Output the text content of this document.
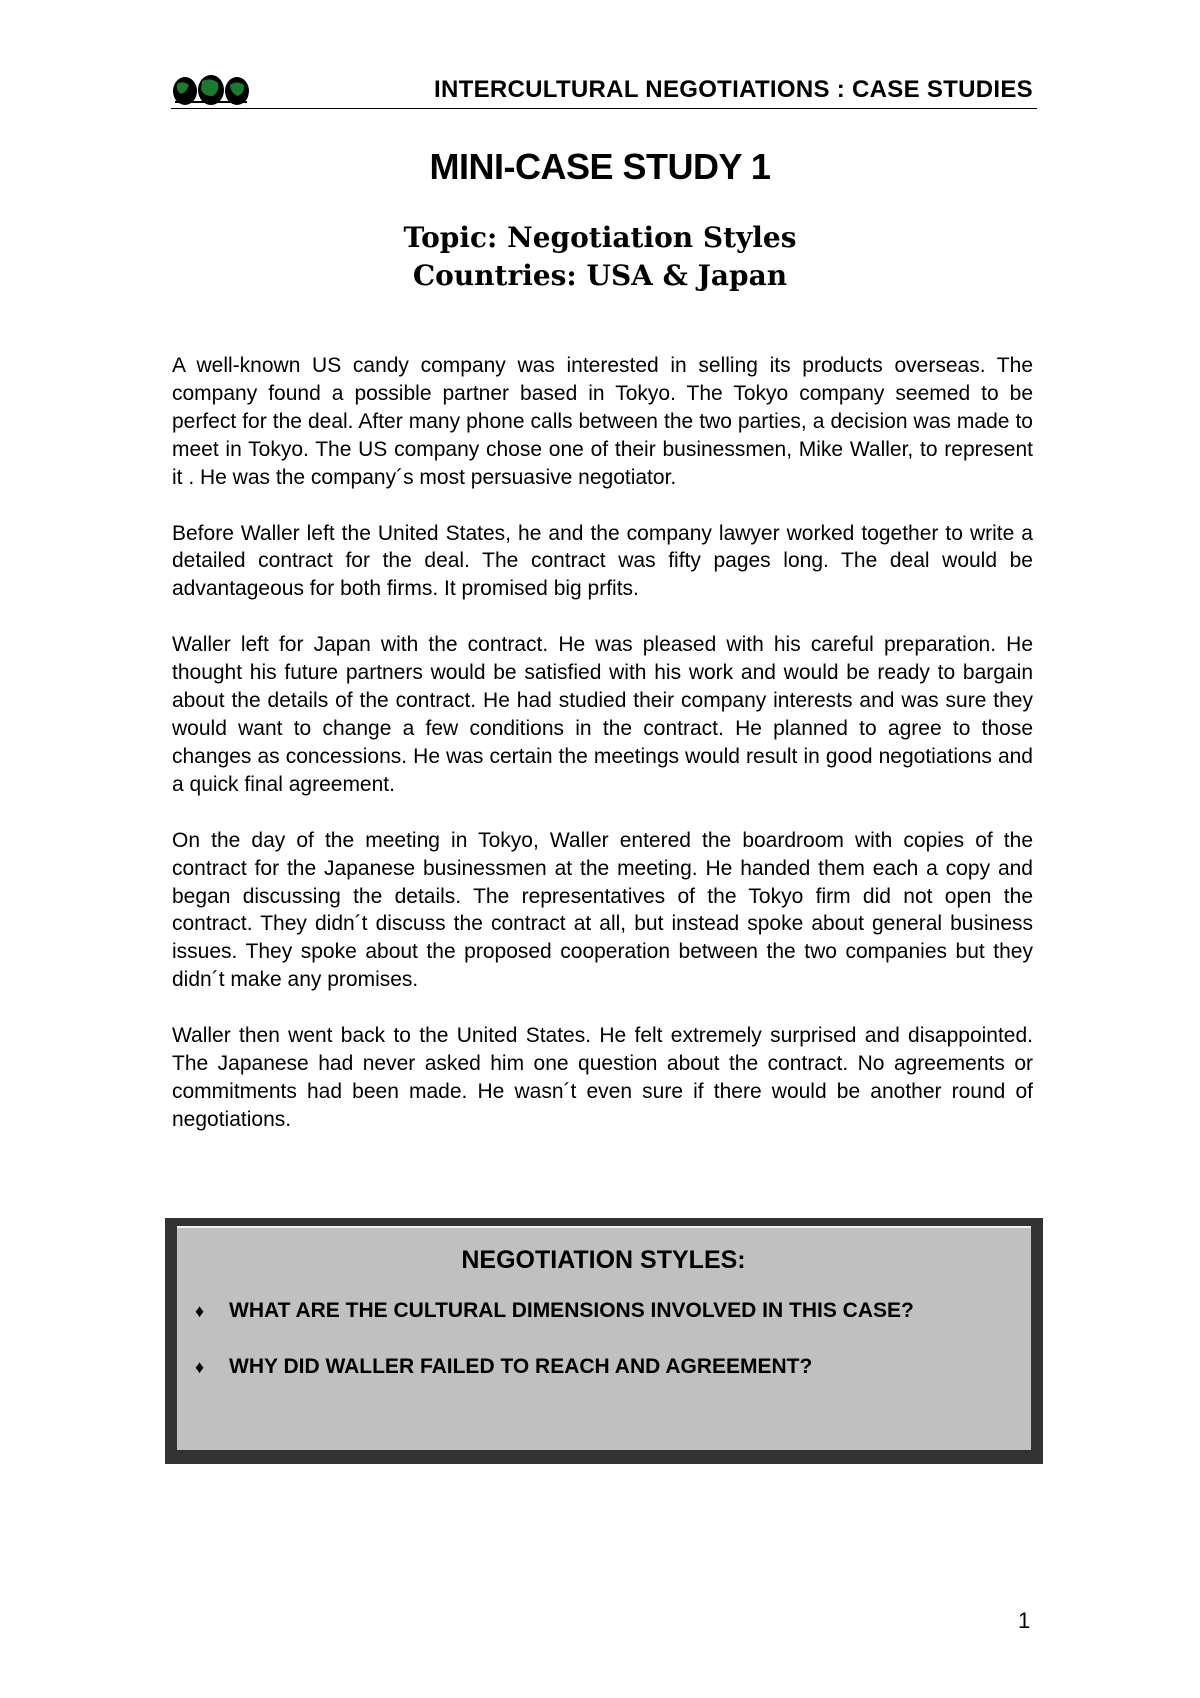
INTERCULTURAL NEGOTIATIONS : CASE STUDIES
MINI-CASE STUDY 1
Topic: Negotiation Styles
Countries: USA & Japan

A well-known US candy company was interested in selling its products overseas. The company found a possible partner based in Tokyo. The Tokyo company seemed to be perfect for the deal. After many phone calls between the two parties, a decision was made to meet in Tokyo. The US company chose one of their businessmen, Mike Waller, to represent it . He was the company´s most persuasive negotiator.

Before Waller left the United States, he and the company lawyer worked together to write a detailed contract for the deal. The contract was fifty pages long. The deal would be advantageous for both firms. It promised big prfits.

Waller left for Japan with the contract. He was pleased with his careful preparation. He thought his future partners would be satisfied with his work and would be ready to bargain about the details of the contract. He had studied their company interests and was sure they would want to change a few conditions in the contract. He planned to agree to those changes as concessions. He was certain the meetings would result in good negotiations and a quick final agreement.

On the day of the meeting in Tokyo, Waller entered the boardroom with copies of the contract for the Japanese businessmen at the meeting. He handed them each a copy and began discussing the details. The representatives of the Tokyo firm did not open the contract. They didn´t discuss the contract at all, but instead spoke about general business issues. They spoke about the proposed cooperation between the two companies but they didn´t make any promises.

Waller then went back to the United States. He felt extremely surprised and disappointed. The Japanese had never asked him one question about the contract. No agreements or commitments had been made. He wasn´t even sure if there would be another round of negotiations.

NEGOTIATION STYLES:
♦	WHAT ARE THE CULTURAL DIMENSIONS INVOLVED IN THIS CASE?
♦	WHY DID WALLER FAILED TO REACH AND AGREEMENT?
1
